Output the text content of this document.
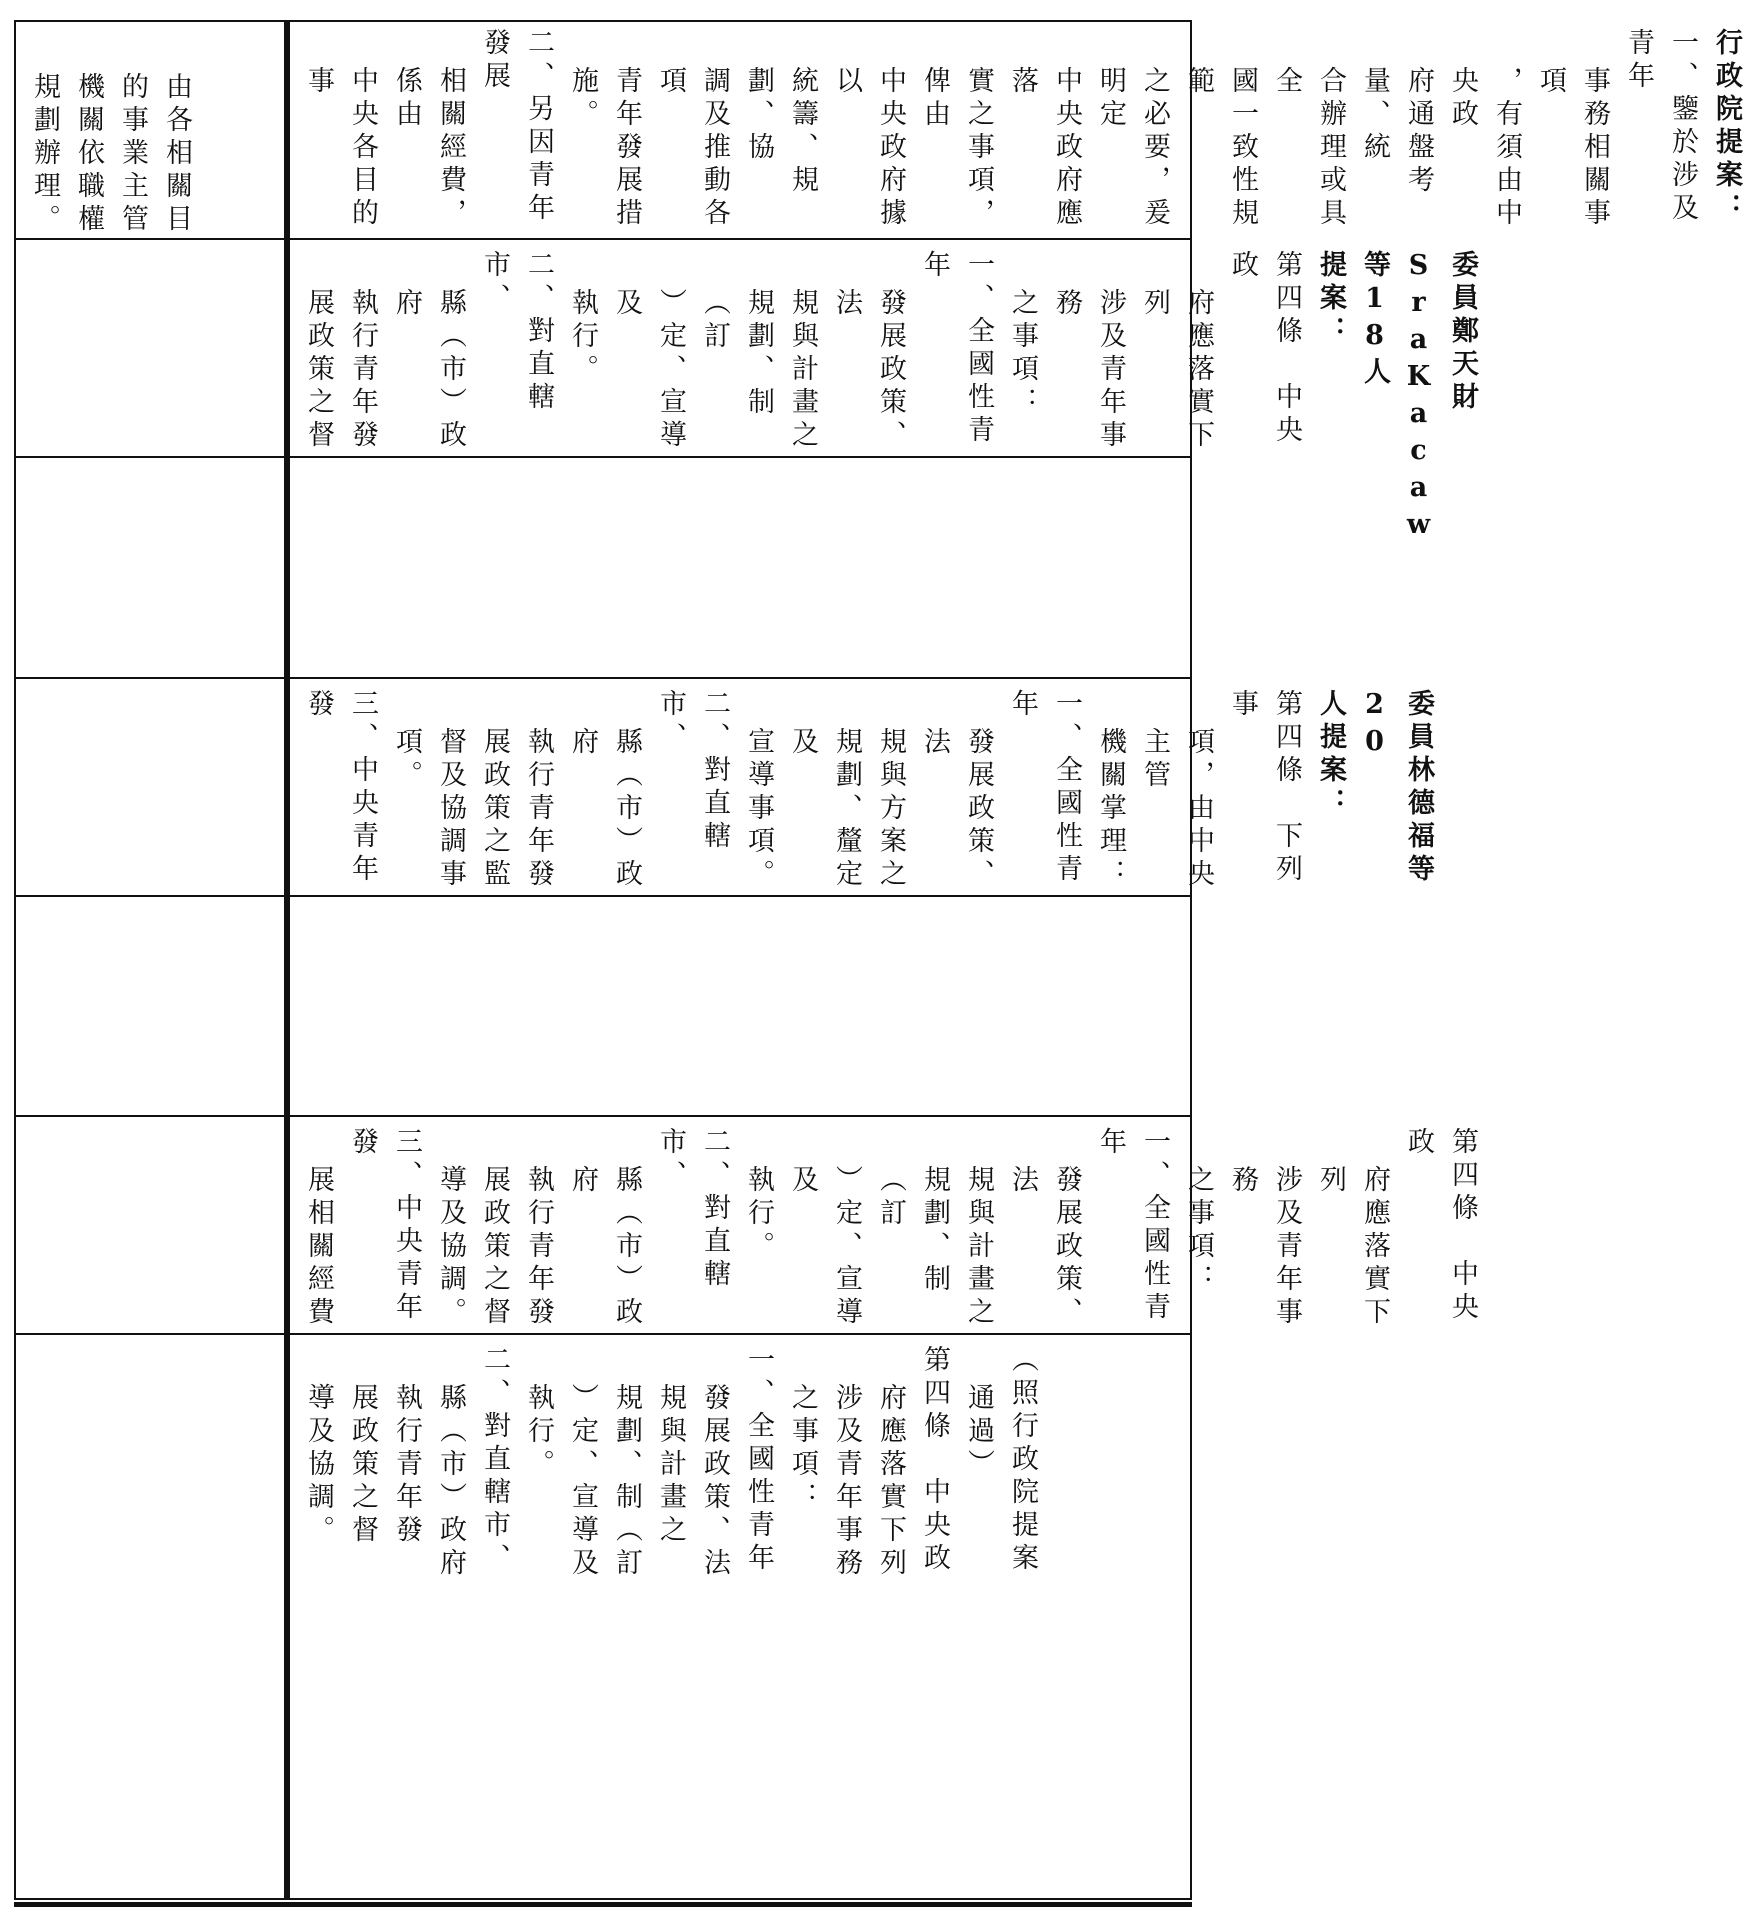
由各相關目
的事業主管
機關依職權
規劃辦理。
委員鄭天財
SraKacaw等18人
提案：
第四條　中央政
府應落實下列
涉及青年事務
之事項：
一、全國性青年
發展政策、法
規與計畫之
規劃、制（訂
）定、宣導及
執行。
二、對直轄市、
縣（市）政府
執行青年發
展政策之督
行政院提案：
一、鑒於涉及青年
事務相關事項
，有須由中央政
府通盤考量、統
合辦理或具全
國一致性規範
之必要，爰明定
中央政府應落
實之事項，俾由
中央政府據以
統籌、規劃、協
調及推動各項
青年發展措施。
二、另因青年發展
相關經費，係由
中央各目的事
委員林德福等20
人提案：
第四條　下列事
項，由中央主管
機關掌理：
一、全國性青年
發展政策、法
規與方案之
規劃、釐定及
宣導事項。
二、對直轄市、
縣（市）政府
執行青年發
展政策之監
督及協調事
項。
三、中央青年發
第四條　中央政
府應落實下列
涉及青年事務
之事項：
一、全國性青年
發展政策、法
規與計畫之
規劃、制（訂
）定、宣導及
執行。
二、對直轄市、
縣（市）政府
執行青年發
展政策之督
導及協調。
三、中央青年發
展相關經費
（照行政院提案
通過）
第四條　中央政
府應落實下列
涉及青年事務
之事項：
一、全國性青年
發展政策、法
規與計畫之
規劃、制（訂
）定、宣導及
執行。
二、對直轄市、
縣（市）政府
執行青年發
展政策之督
導及協調。
